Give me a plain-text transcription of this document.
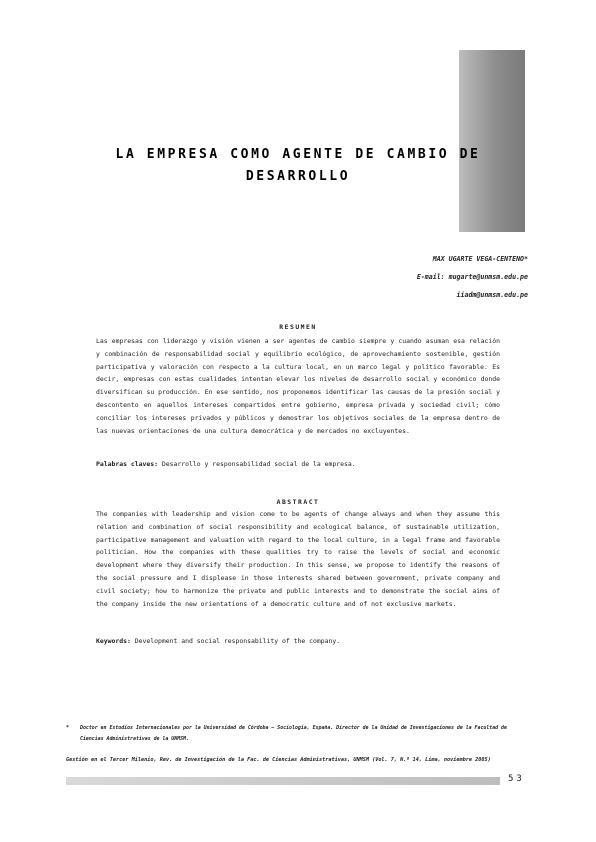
LA EMPRESA COMO AGENTE DE CAMBIO DE
DESARROLLO
MAX UGARTE VEGA-CENTENO*
E-mail: mugarte@unmsm.edu.pe
iiadm@unmsm.edu.pe
RESUMEN

Las empresas con liderazgo y visión vienen a ser agentes de cambio siempre y cuando asuman esa relación y combinación de responsabilidad social y equilibrio ecológico, de aprovechamiento sostenible, gestión participativa y valoración con respecto a la cultura local, en un marco legal y político favorable. Es decir, empresas con estas cualidades intentan elevar los niveles de desarrollo social y económico donde diversifican su producción. En ese sentido, nos proponemos identificar las causas de la presión social y descontento en aquellos intereses compartidos entre gobierno, empresa privada y sociedad civil; cómo conciliar los intereses privados y públicos y demostrar los objetivos sociales de la empresa dentro de las nuevas orientaciones de una cultura democrática y de mercados no excluyentes.

Palabras claves: Desarrollo y responsabilidad social de la empresa.

ABSTRACT

The companies with leadership and vision come to be agents of change always and when they assume this relation and combination of social responsibility and ecological balance, of sustainable utilization, participative management and valuation with regard to the local culture, in a legal frame and favorable politician. How the companies with these qualities try to raise the levels of social and economic development where they diversify their production. In this sense, we propose to identify the reasons of the social pressure and I displease in those interests shared between government, private company and civil society; how to harmonize the private and public interests and to demonstrate the social aims of the company inside the new orientations of a democratic culture and of not exclusive markets.

Keywords: Development and social responsability of the company.

* Doctor en Estudios Internacionales por la Universidad de Córdoba – Sociología, España. Director de la Unidad de Investigaciones de la Facultad de Ciencias Administrativas de la UNMSM.
Gestión en el Tercer Milenio, Rev. de Investigación de la Fac. de Ciencias Administrativas, UNMSM (Vol. 7, N.º 14, Lima, noviembre 2005)
53
